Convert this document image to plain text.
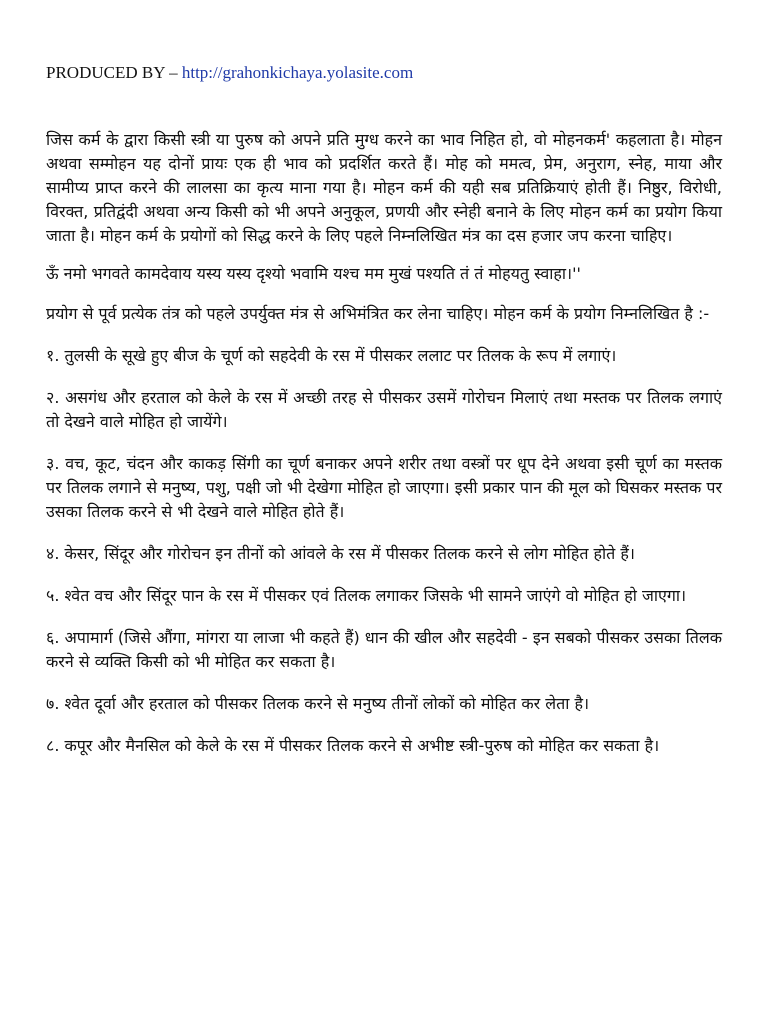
PRODUCED BY – http://grahonkichaya.yolasite.com

जिस कर्म के द्वारा किसी स्त्री या पुरुष को अपने प्रति मुग्ध करने का भाव निहित हो, वो मोहनकर्म' कहलाता है। मोहन अथवा सम्मोहन यह दोनों प्रायः एक ही भाव को प्रदर्शित करते हैं। मोह को ममत्व, प्रेम, अनुराग, स्नेह, माया और सामीप्य प्राप्त करने की लालसा का कृत्य माना गया है। मोहन कर्म की यही सब प्रतिक्रियाएं होती हैं। निष्ठुर, विरोधी, विरक्त, प्रतिद्वंदी अथवा अन्य किसी को भी अपने अनुकूल, प्रणयी और स्नेही बनाने के लिए मोहन कर्म का प्रयोग किया जाता है। मोहन कर्म के प्रयोगों को सिद्ध करने के लिए पहले निम्नलिखित मंत्र का दस हजार जप करना चाहिए।

ऊँ नमो भगवते कामदेवाय यस्य यस्य दृश्यो भवामि यश्च मम मुखं पश्यति तं तं मोहयतु स्वाहा।''

प्रयोग से पूर्व प्रत्येक तंत्र को पहले उपर्युक्त मंत्र से अभिमंत्रित कर लेना चाहिए। मोहन कर्म के प्रयोग निम्नलिखित है :-

१. तुलसी के सूखे हुए बीज के चूर्ण को सहदेवी के रस में पीसकर ललाट पर तिलक के रूप में लगाएं।

२. असगंध और हरताल को केले के रस में अच्छी तरह से पीसकर उसमें गोरोचन मिलाएं तथा मस्तक पर तिलक लगाएं तो देखने वाले मोहित हो जायेंगे।

३. वच, कूट, चंदन और काकड़ सिंगी का चूर्ण बनाकर अपने शरीर तथा वस्त्रों पर धूप देने अथवा इसी चूर्ण का मस्तक पर तिलक लगाने से मनुष्य, पशु, पक्षी जो भी देखेगा मोहित हो जाएगा। इसी प्रकार पान की मूल को घिसकर मस्तक पर उसका तिलक करने से भी देखने वाले मोहित होते हैं।

४. केसर, सिंदूर और गोरोचन इन तीनों को आंवले के रस में पीसकर तिलक करने से लोग मोहित होते हैं।

५. श्वेत वच और सिंदूर पान के रस में पीसकर एवं तिलक लगाकर जिसके भी सामने जाएंगे वो मोहित हो जाएगा।

६. अपामार्ग (जिसे औंगा, मांगरा या लाजा भी कहते हैं) धान की खील और सहदेवी - इन सबको पीसकर उसका तिलक करने से व्यक्ति किसी को भी मोहित कर सकता है।

७. श्वेत दूर्वा और हरताल को पीसकर तिलक करने से मनुष्य तीनों लोकों को मोहित कर लेता है।

८. कपूर और मैनसिल को केले के रस में पीसकर तिलक करने से अभीष्ट स्त्री-पुरुष को मोहित कर सकता है।
